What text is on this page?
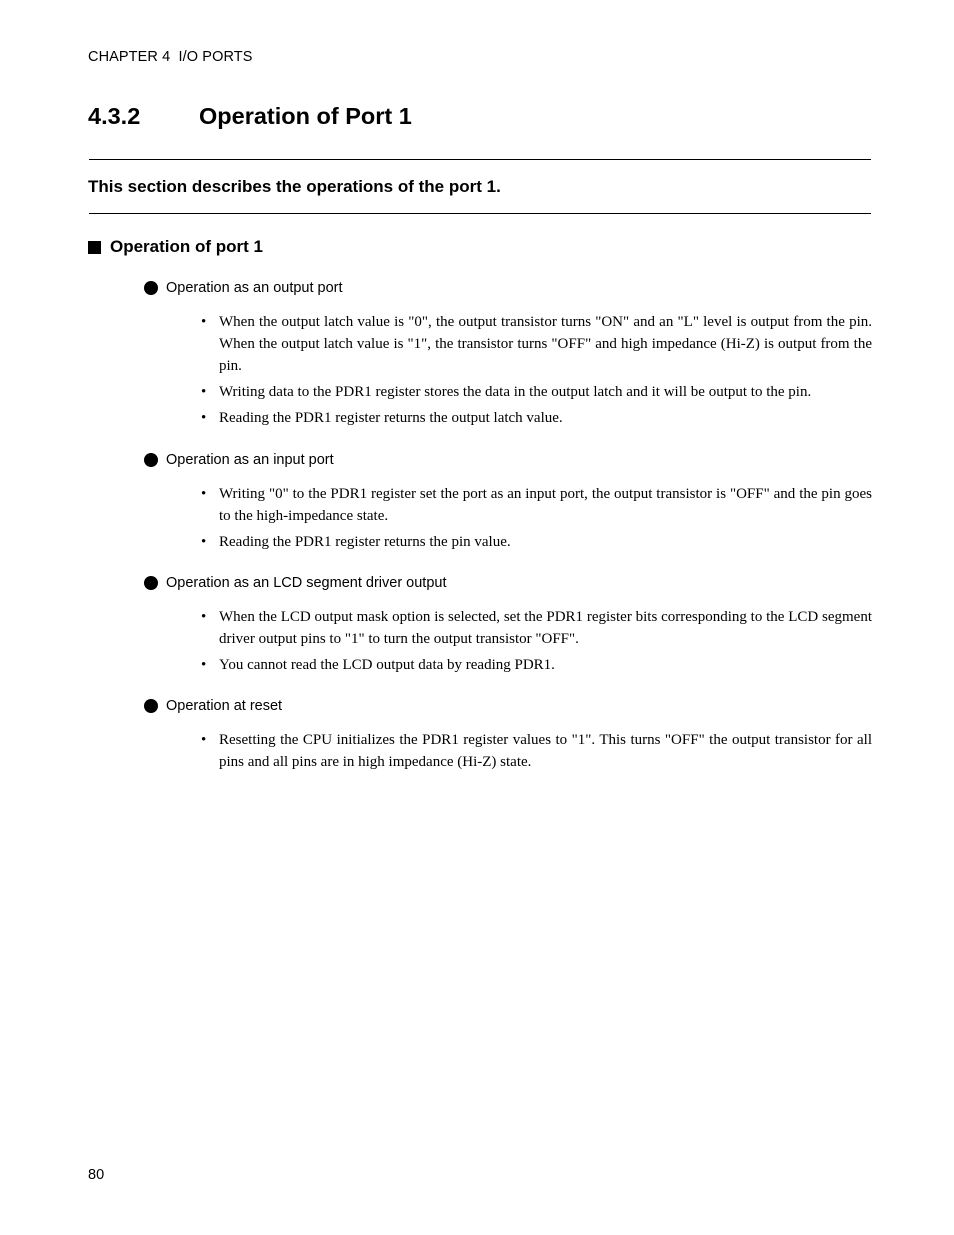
CHAPTER 4  I/O PORTS
4.3.2	Operation of Port 1
This section describes the operations of the port 1.
Operation of port 1
Operation as an output port
• When the output latch value is "0", the output transistor turns "ON" and an "L" level is output from the pin. When the output latch value is "1", the transistor turns "OFF" and high impedance (Hi-Z) is output from the pin.
• Writing data to the PDR1 register stores the data in the output latch and it will be output to the pin.
• Reading the PDR1 register returns the output latch value.
Operation as an input port
• Writing "0" to the PDR1 register set the port as an input port, the output transistor is "OFF" and the pin goes to the high-impedance state.
• Reading the PDR1 register returns the pin value.
Operation as an LCD segment driver output
• When the LCD output mask option is selected, set the PDR1 register bits corresponding to the LCD segment driver output pins to "1" to turn the output transistor "OFF".
• You cannot read the LCD output data by reading PDR1.
Operation at reset
• Resetting the CPU initializes the PDR1 register values to "1". This turns "OFF" the output transistor for all pins and all pins are in high impedance (Hi-Z) state.
80
